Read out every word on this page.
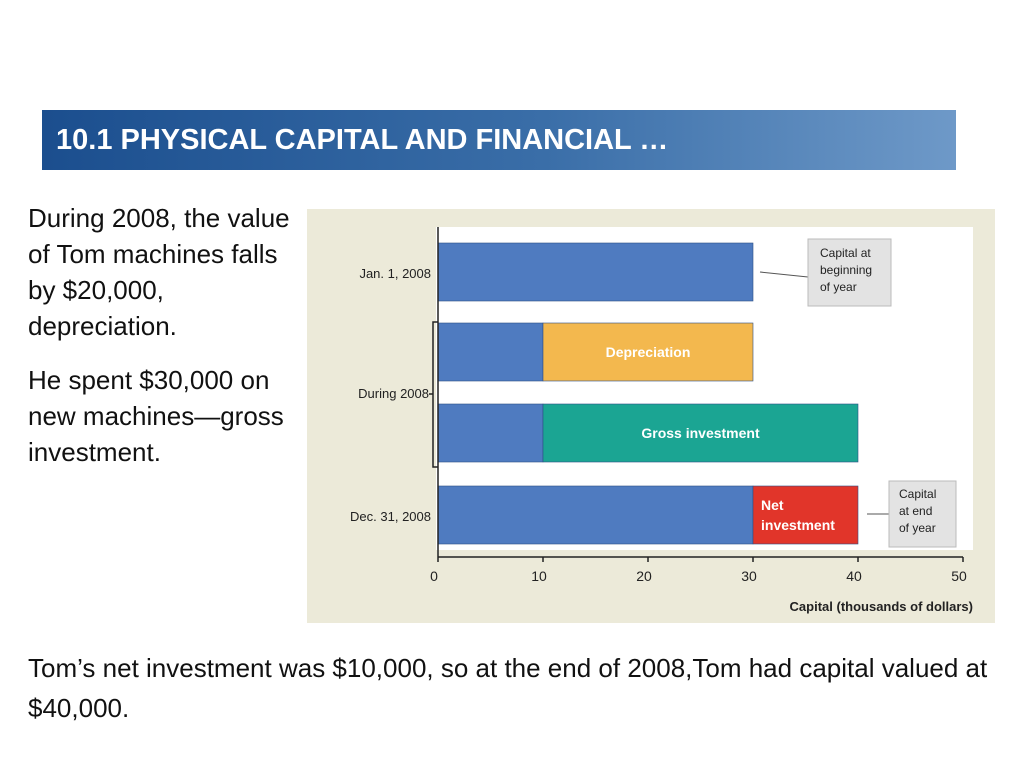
10.1 PHYSICAL CAPITAL AND FINANCIAL …

During 2008, the value of Tom machines falls by $20,000, depreciation.

He spent $30,000 on new machines—gross investment.

Depreciation
Gross investment
Net
investment
0	10	20	30	40	50
Jan. 1, 2008
During 2008
Dec. 31, 2008
Capital (thousands of dollars)
Capital at
beginning
of year
Capital
at end
of year
Tom’s net investment was $10,000, so at the end of 2008,Tom had capital valued at $40,000.
